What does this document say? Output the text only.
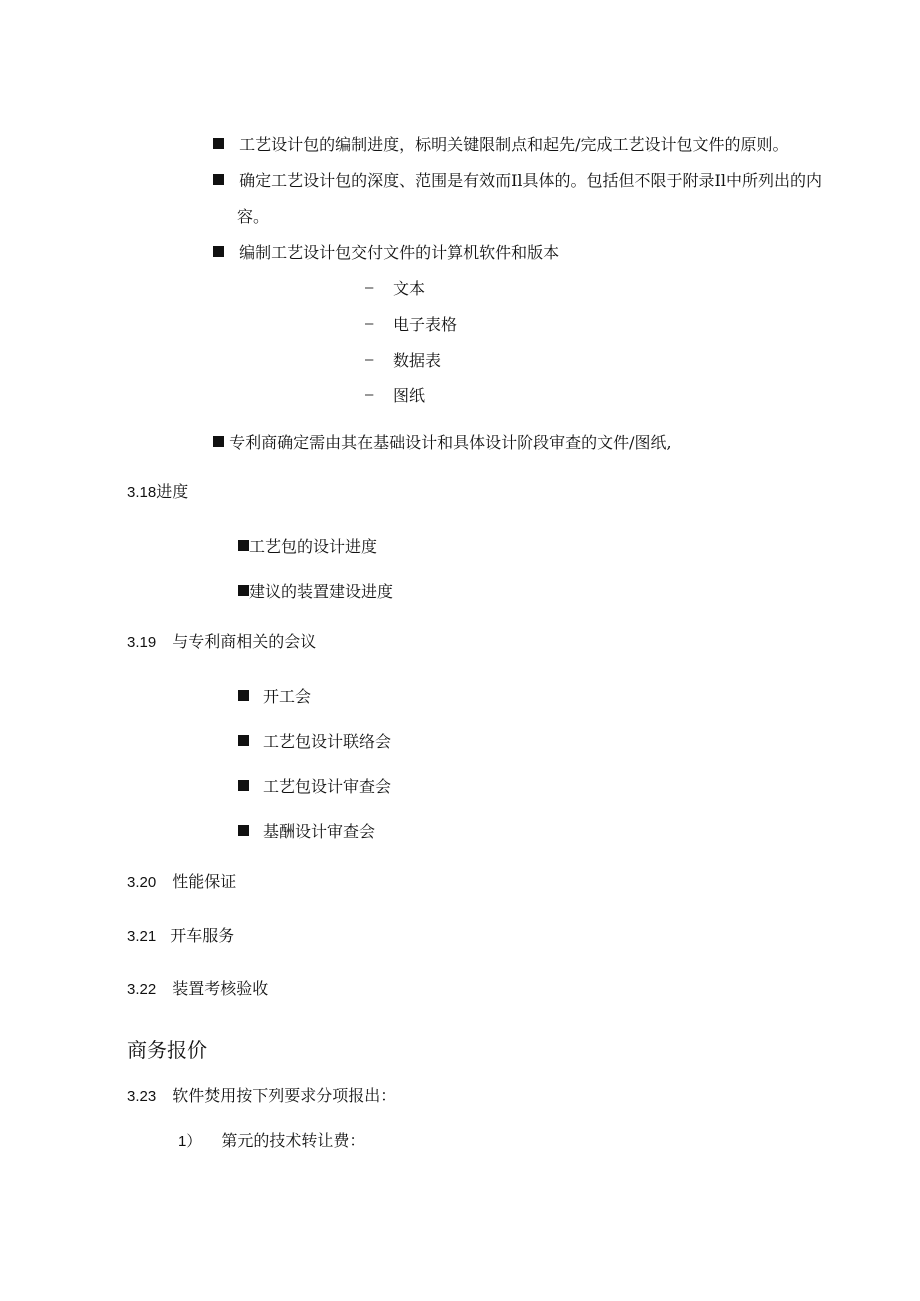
工艺设计包的编制进度，标明关键限制点和起先/完成工艺设计包文件的原则。
确定工艺设计包的深度、范围是有效而Il具体的。包括但不限于附录Il中所列出的内
容。
编制工艺设计包交付文件的计算机软件和版本
– 文本
– 电子表格
– 数据表
– 图纸
专利商确定需由其在基础设计和具体设计阶段审查的文件/图纸,
3.18进度
工艺包的设计进度
建议的装置建设进度
3.19 与专利商相关的会议
开工会
工艺包设计联络会
工艺包设计审查会
基酬设计审查会
3.20 性能保证
3.21 开车服务
3.22 装置考核验收
商务报价
3.23 软件焚用按下列要求分项报出：
1） 第元的技术转让费：
